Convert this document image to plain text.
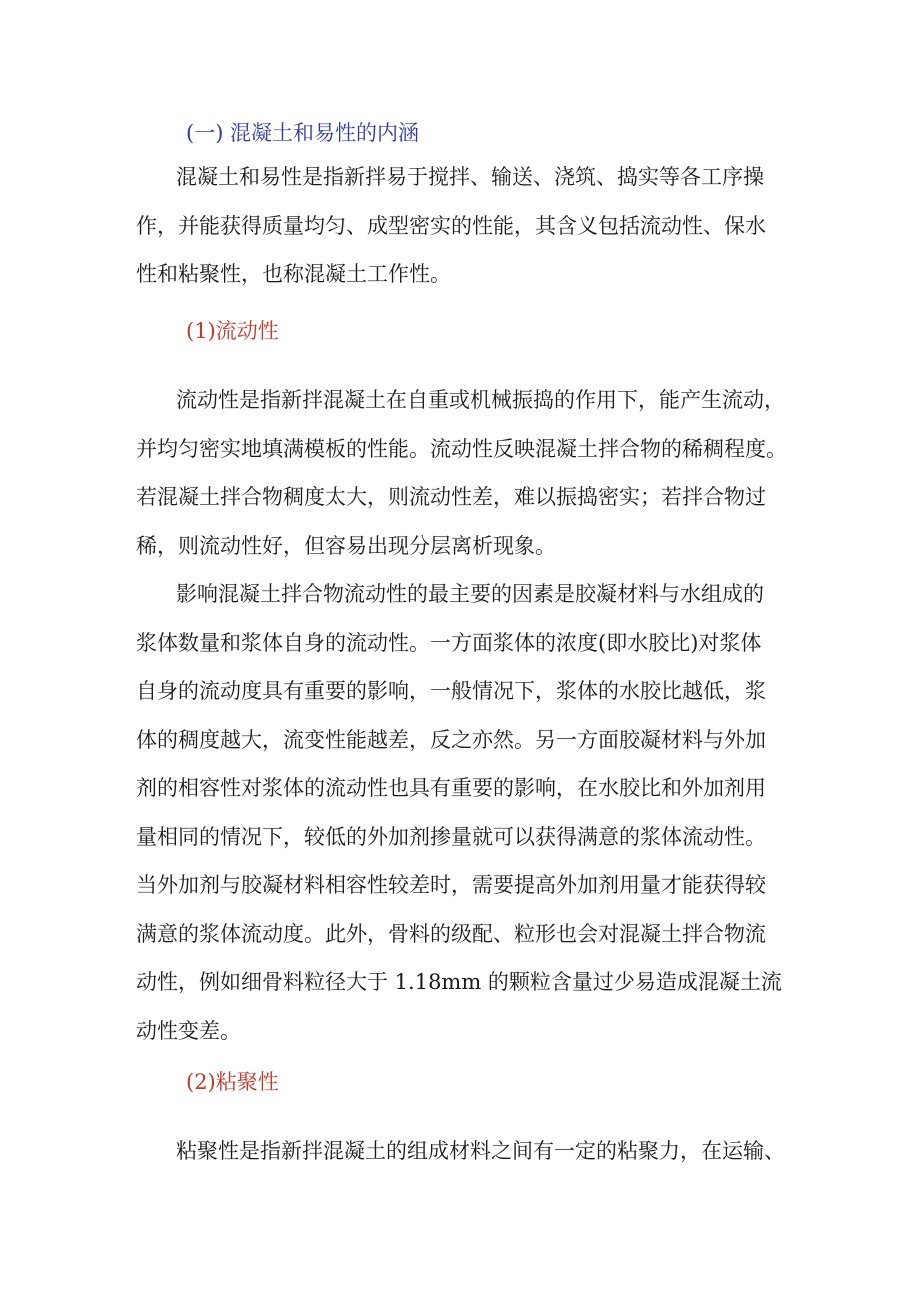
(一) 混凝土和易性的内涵
混凝土和易性是指新拌易于搅拌、输送、浇筑、捣实等各工序操
作，并能获得质量均匀、成型密实的性能，其含义包括流动性、保水
性和粘聚性，也称混凝土工作性。
(1)流动性
流动性是指新拌混凝土在自重或机械振捣的作用下，能产生流动，
并均匀密实地填满模板的性能。流动性反映混凝土拌合物的稀稠程度。
若混凝土拌合物稠度太大，则流动性差，难以振捣密实；若拌合物过
稀，则流动性好，但容易出现分层离析现象。
影响混凝土拌合物流动性的最主要的因素是胶凝材料与水组成的
浆体数量和浆体自身的流动性。一方面浆体的浓度(即水胶比)对浆体
自身的流动度具有重要的影响，一般情况下，浆体的水胶比越低，浆
体的稠度越大，流变性能越差，反之亦然。另一方面胶凝材料与外加
剂的相容性对浆体的流动性也具有重要的影响，在水胶比和外加剂用
量相同的情况下，较低的外加剂掺量就可以获得满意的浆体流动性。
当外加剂与胶凝材料相容性较差时，需要提高外加剂用量才能获得较
满意的浆体流动度。此外，骨料的级配、粒形也会对混凝土拌合物流
动性，例如细骨料粒径大于 1.18mm 的颗粒含量过少易造成混凝土流
动性变差。
(2)粘聚性
粘聚性是指新拌混凝土的组成材料之间有一定的粘聚力，在运输、
